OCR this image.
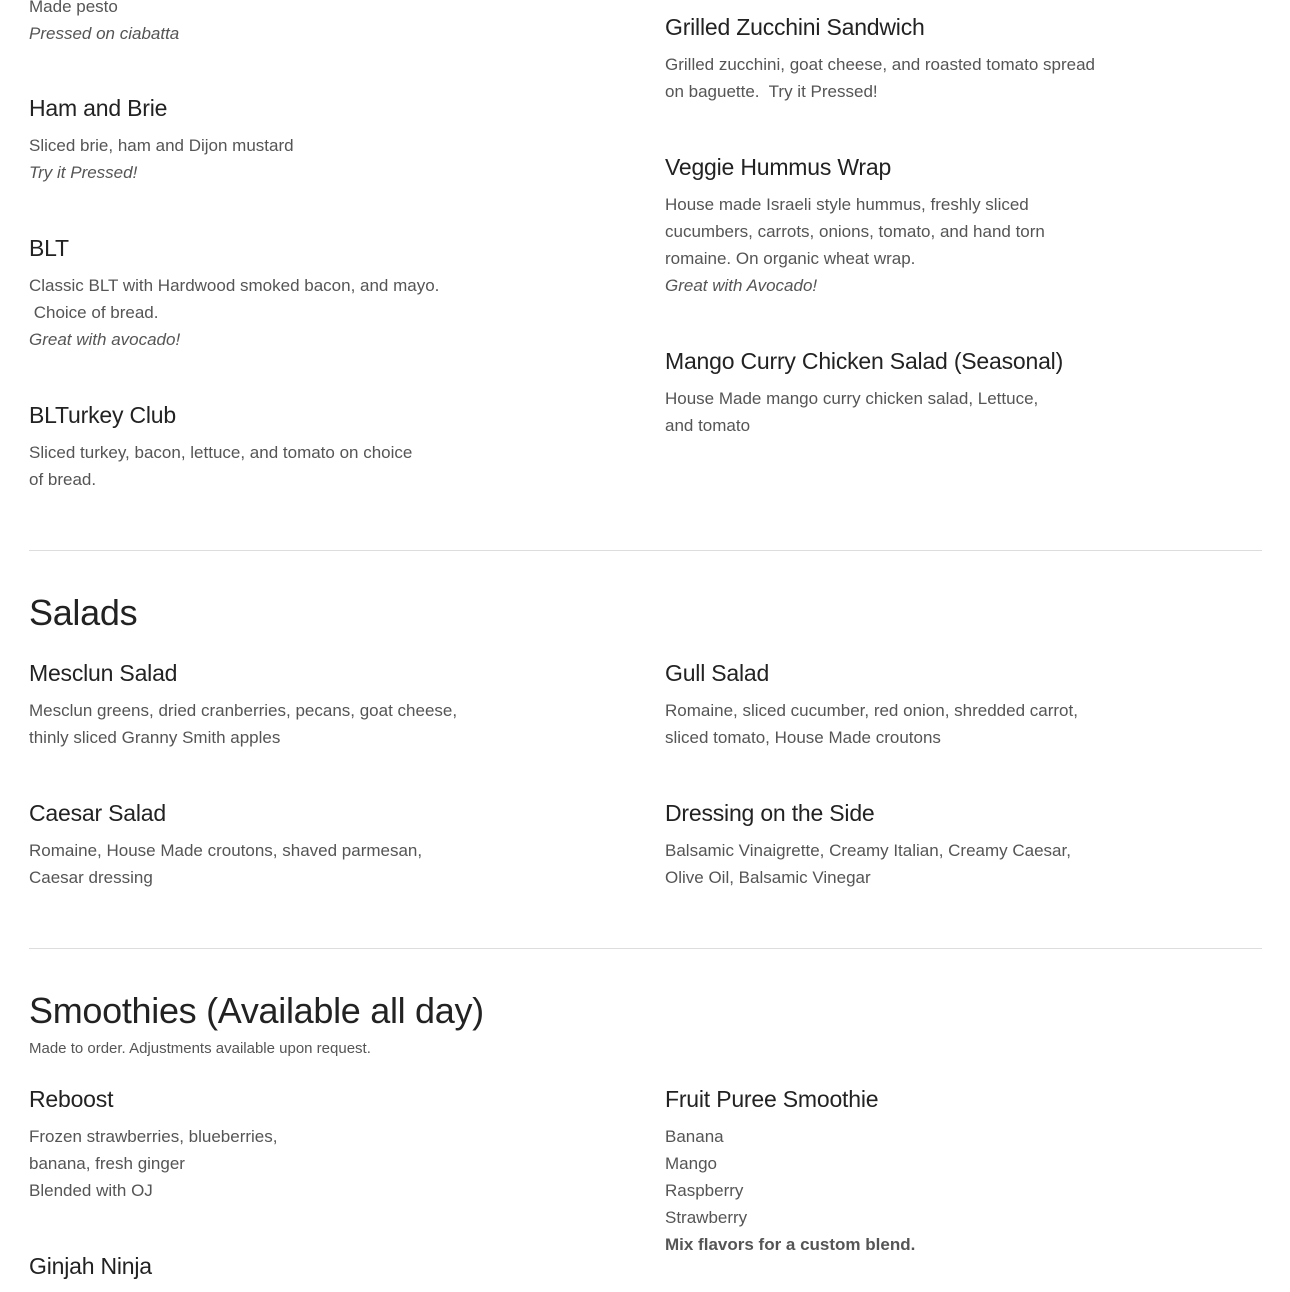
Made pesto
Pressed on ciabatta
Ham and Brie
Sliced brie, ham and Dijon mustard
Try it Pressed!
BLT
Classic BLT with Hardwood smoked bacon, and mayo.
Choice of bread.
Great with avocado!
BLTurkey Club
Sliced turkey, bacon, lettuce, and tomato on choice
of bread.
Grilled Zucchini Sandwich
Grilled zucchini, goat cheese, and roasted tomato spread
on baguette.  Try it Pressed!
Veggie Hummus Wrap
House made Israeli style hummus, freshly sliced
cucumbers, carrots, onions, tomato, and hand torn
romaine. On organic wheat wrap.
Great with Avocado!
Mango Curry Chicken Salad (Seasonal)
House Made mango curry chicken salad, Lettuce,
and tomato
Salads
Mesclun Salad
Mesclun greens, dried cranberries, pecans, goat cheese,
thinly sliced Granny Smith apples
Gull Salad
Romaine, sliced cucumber, red onion, shredded carrot,
sliced tomato, House Made croutons
Caesar Salad
Romaine, House Made croutons, shaved parmesan,
Caesar dressing
Dressing on the Side
Balsamic Vinaigrette, Creamy Italian, Creamy Caesar,
Olive Oil, Balsamic Vinegar
Smoothies (Available all day)
Made to order. Adjustments available upon request.
Reboost
Frozen strawberries, blueberries,
banana, fresh ginger
Blended with OJ
Fruit Puree Smoothie
Banana
Mango
Raspberry
Strawberry
Mix flavors for a custom blend.
Ginjah Ninja
